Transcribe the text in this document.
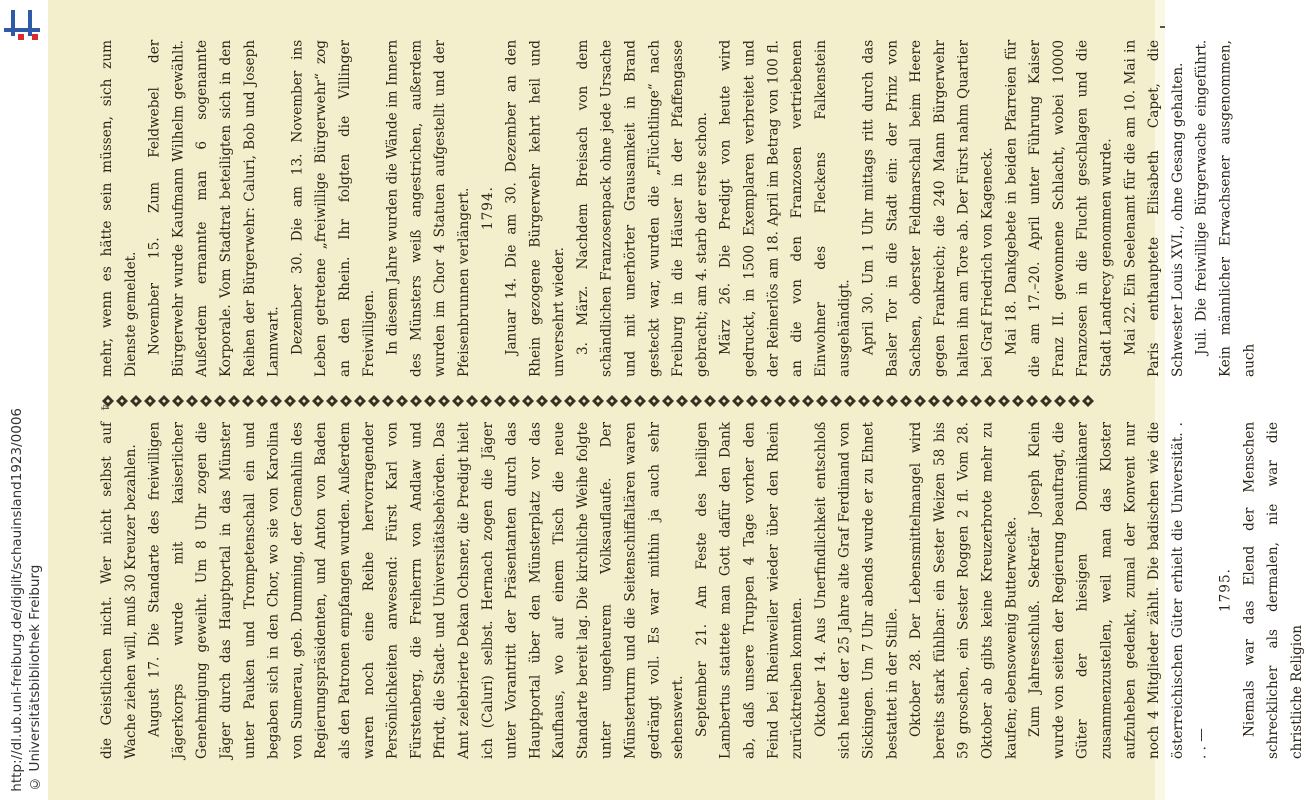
http://dl.ub.uni-freiburg.de/diglit/schauinsland1923/0006 © Universitätsbibliothek Freiburg

mehr, wenn es hätte sein müssen, sich zum Dienste gemeldet. November 15. Zum Feldwebel der Bürgerwehr wurde Kaufmann Wilhelm gewählt. Außerdem ernannte man 6 sogenannte Korporale. Vom Stadtrat beteiligten sich in den Reihen der Bürgerwehr: Caluri, Bob und Joseph Lannwart. Dezember 30. Die am 13. November ins Leben getretene „freiwillige Bürgerwehr“ zog an den Rhein. Ihr folgten die Villinger Freiwilligen. In diesem Jahre wurden die Wände im Innern des Münsters weiß angestrichen, außerdem wurden im Chor 4 Statuen aufgestellt und der Pfeisenbrunnen verlängert. 1794. Januar 14. Die am 30. Dezember an den Rhein gezogene Bürgerwehr kehrt heil und unversehrt wieder. 3. März. Nachdem Breisach von dem schändlichen Franzosenpack ohne jede Ursache und mit unerhörter Grausamkeit in Brand gesteckt war, wurden die „Flüchtlinge“ nach Freiburg in die Häuser in der Pfaffengasse gebracht; am 4. starb der erste schon. März 26. Die Predigt von heute wird gedruckt, in 1500 Exemplaren verbreitet und der Reinerlös am 18. April im Betrag von 100 fl. an die von den Franzosen vertriebenen Einwohner des Fleckens Falkenstein ausgehändigt. April 30. Um 1 Uhr mittags ritt durch das Basler Tor in die Stadt ein: der Prinz von Sachsen, oberster Feldmarschall beim Heere gegen Frankreich; die 240 Mann Bürgerwehr halten ihn am Tore ab. Der Fürst nahm Quartier bei Graf Friedrich von Kageneck. Mai 18. Dankgebete in beiden Pfarreien für die am 17.–20. April unter Führung Kaiser Franz II. gewonnene Schlacht, wobei 10000 Franzosen in die Flucht geschlagen und die Stadt Landrecy genommen wurde. Mai 22. Ein Seelenamt für die am 10. Mai in Paris enthauptete Elisabeth Capet, die Schwester Louis XVI., ohne Gesang gehalten. Juli. Die freiwillige Bürgerwache eingeführt. Kein männlicher Erwachsener ausgenommen, auch

4

die Geistlichen nicht. Wer nicht selbst auf Wache ziehen will, muß 30 Kreuzer bezahlen. August 17. Die Standarte des freiwilligen Jägerkorps wurde mit kaiserlicher Genehmigung geweiht. Um 8 Uhr zogen die Jäger durch das Hauptportal in das Münster unter Pauken und Trompetenschall ein und begaben sich in den Chor, wo sie von Karolina von Sumerau, geb. Dumming, der Gemahlin des Regierungspräsidenten, und Anton von Baden als den Patronen empfangen wurden. Außerdem waren noch eine Reihe hervorragender Persönlichkeiten anwesend: Fürst Karl von Fürstenberg, die Freiherrn von Andlaw und Pfirdt, die Stadt- und Universitätsbehörden. Das Amt zelebrierte Dekan Ochsner, die Predigt hielt ich (Caluri) selbst. Hernach zogen die Jäger unter Vorantritt der Präsentanten durch das Hauptportal über den Münsterplatz vor das Kaufhaus, wo auf einem Tisch die neue Standarte bereit lag. Die kirchliche Weihe folgte unter ungeheurem Volksauflaufe. Der Münsterturm und die Seitenschiffaltären waren gedrängt voll. Es war mithin ja auch sehr sehenswert. September 21. Am Feste des heiligen Lambertus stattete man Gott dafür den Dank ab, daß unsere Truppen 4 Tage vorher den Feind bei Rheinweiler wieder über den Rhein zurücktreiben konnten. Oktober 14. Aus Unerfindlichkeit entschloß sich heute der 25 Jahre alte Graf Ferdinand von Sickingen. Um 7 Uhr abends wurde er zu Ehnet bestattet in der Stille. Oktober 28. Der Lebensmittelmangel wird bereits stark fühlbar: ein Sester Weizen 58 bis 59 groschen, ein Sester Roggen 2 fl. Vom 28. Oktober ab gibts keine Kreuzerbrote mehr zu kaufen; ebensowenig Butterwecke. Zum Jahresschluß. Sekretär Joseph Klein wurde von seiten der Regierung beauftragt, die Güter der hiesigen Dominikaner zusammenzustellen, weil man das Kloster aufzuheben gedenkt, zumal der Konvent nur noch 4 Mitglieder zählt. Die badischen wie die österreichischen Güter erhielt die Universität. . . . —

1795. Niemals war das Elend der Menschen schrecklicher als dermalen, nie war die christliche Religion
